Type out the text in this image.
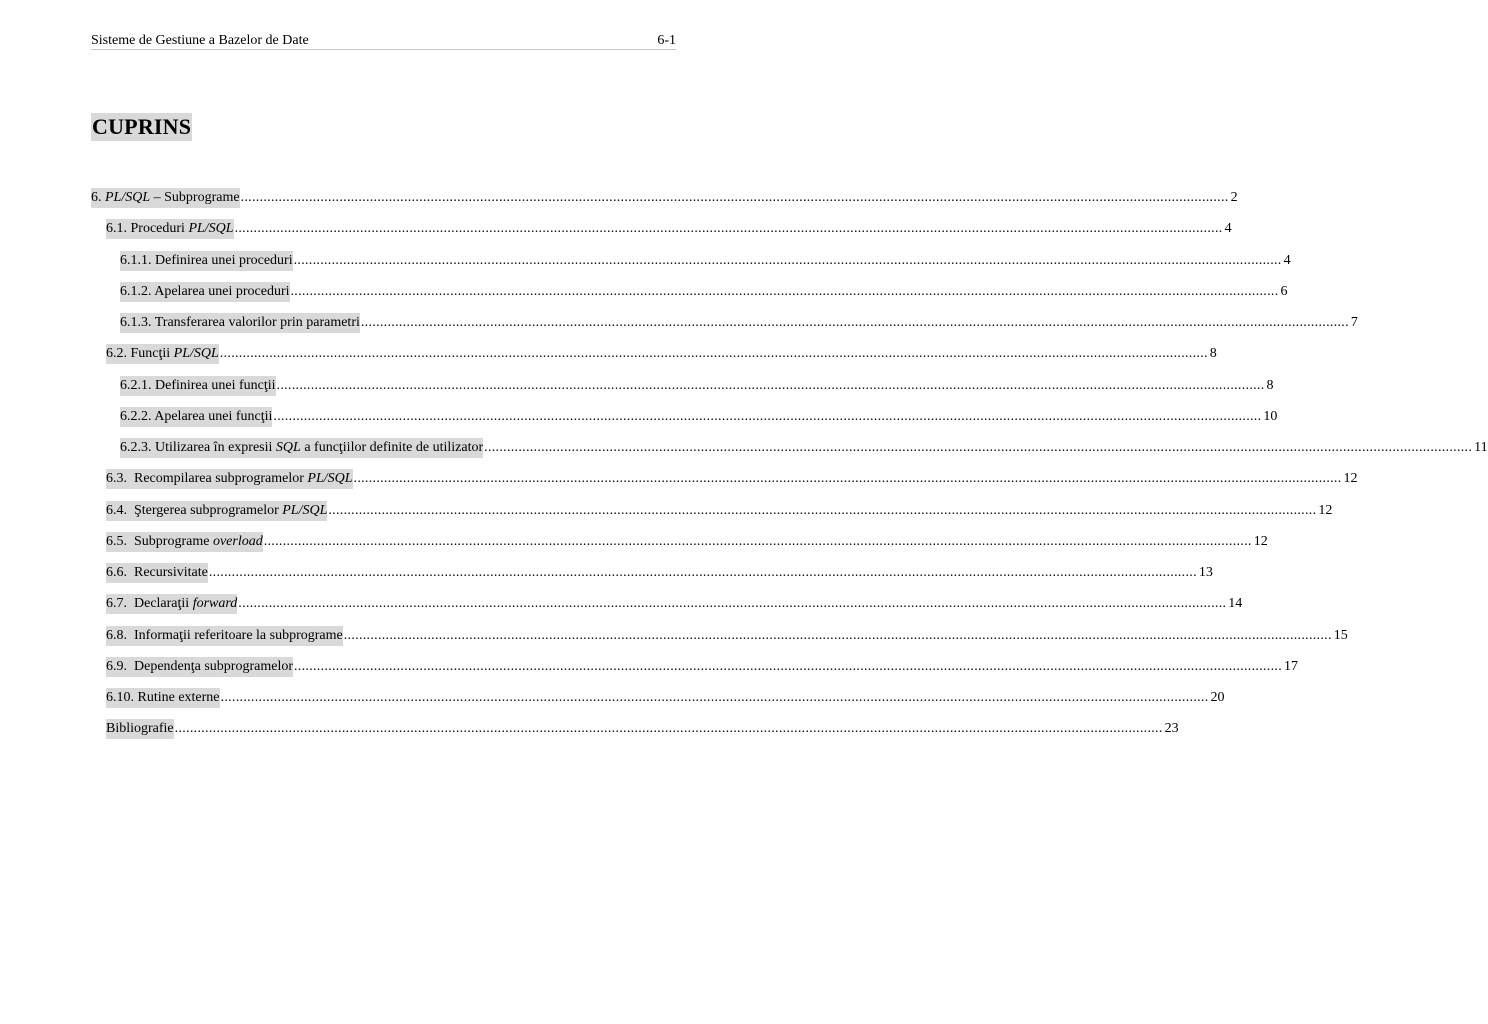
Sisteme de Gestiune a Bazelor de Date	6-1
CUPRINS
6. PL/SQL – Subprograme .................................................................................................................................................................................................................................................................... 2
6.1. Proceduri PL/SQL .................................................................................................................................................................................................................................................................... 4
6.1.1. Definirea unei proceduri .................................................................................................................................................................................................................................................................... 4
6.1.2. Apelarea unei proceduri .................................................................................................................................................................................................................................................................... 6
6.1.3. Transferarea valorilor prin parametri .................................................................................................................................................................................................................................................................... 7
6.2. Funcţii PL/SQL .................................................................................................................................................................................................................................................................... 8
6.2.1. Definirea unei funcţii .................................................................................................................................................................................................................................................................... 8
6.2.2. Apelarea unei funcţii .................................................................................................................................................................................................................................................................... 10
6.2.3. Utilizarea în expresii SQL a funcţiilor definite de utilizator .................................................................................................................................................................................................................................................................... 11
6.3.  Recompilarea subprogramelor PL/SQL .................................................................................................................................................................................................................................................................... 12
6.4.  Ştergerea subprogramelor PL/SQL .................................................................................................................................................................................................................................................................... 12
6.5.  Subprograme overload .................................................................................................................................................................................................................................................................... 12
6.6.  Recursivitate .................................................................................................................................................................................................................................................................... 13
6.7.  Declaraţii forward .................................................................................................................................................................................................................................................................... 14
6.8.  Informaţii referitoare la subprograme .................................................................................................................................................................................................................................................................... 15
6.9.  Dependenţa subprogramelor .................................................................................................................................................................................................................................................................... 17
6.10. Rutine externe .................................................................................................................................................................................................................................................................... 20
Bibliografie .................................................................................................................................................................................................................................................................... 23
